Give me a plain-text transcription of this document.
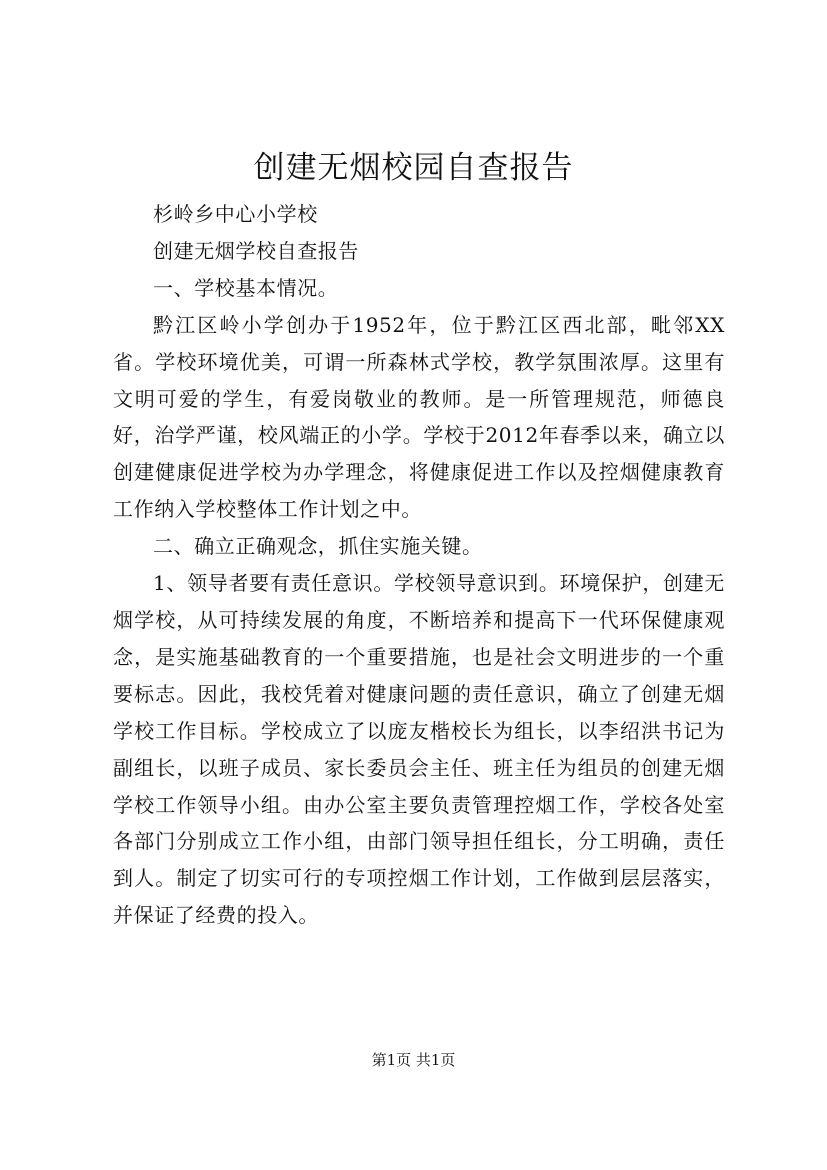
创建无烟校园自查报告

杉岭乡中心小学校

创建无烟学校自查报告

一、学校基本情况。

黔江区岭小学创办于1952年，位于黔江区西北部，毗邻XX省。学校环境优美，可谓一所森林式学校，教学氛围浓厚。这里有文明可爱的学生，有爱岗敬业的教师。是一所管理规范，师德良好，治学严谨，校风端正的小学。学校于2012年春季以来，确立以创建健康促进学校为办学理念，将健康促进工作以及控烟健康教育工作纳入学校整体工作计划之中。

二、确立正确观念，抓住实施关键。

1、领导者要有责任意识。学校领导意识到。环境保护，创建无烟学校，从可持续发展的角度，不断培养和提高下一代环保健康观念，是实施基础教育的一个重要措施，也是社会文明进步的一个重要标志。因此，我校凭着对健康问题的责任意识，确立了创建无烟学校工作目标。学校成立了以庞友楷校长为组长，以李绍洪书记为副组长，以班子成员、家长委员会主任、班主任为组员的创建无烟学校工作领导小组。由办公室主要负责管理控烟工作，学校各处室各部门分别成立工作小组，由部门领导担任组长，分工明确，责任到人。制定了切实可行的专项控烟工作计划，工作做到层层落实，并保证了经费的投入。

第1页 共1页
